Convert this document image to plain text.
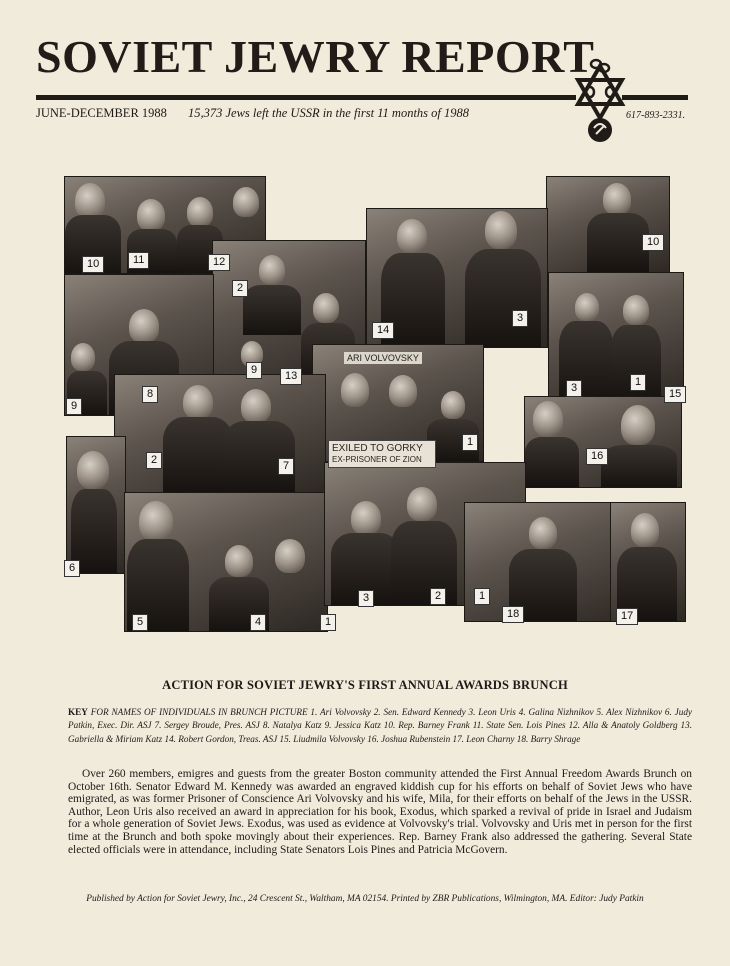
SOVIET JEWRY REPORT
JUNE-DECEMBER 1988 15,373 Jews left the USSR in the first 11 months of 1988	617-893-2331.
ARI VOLVOVSKY
EXILED TO GORKY
EX-PRISONER OF ZION
10	11	12
2
14
3
10
9
8
9	13
3	1
15
2	7
1
16
6
5	4	1
3	2	1
18	17
ACTION FOR SOVIET JEWRY'S FIRST ANNUAL AWARDS BRUNCH
KEY FOR NAMES OF INDIVIDUALS IN BRUNCH PICTURE 1. Ari Volvovsky 2. Sen. Edward Kennedy 3. Leon Uris 4. Galina Nizhnikov 5. Alex Nizhnikov 6. Judy Patkin, Exec. Dir. ASJ 7. Sergey Broude, Pres. ASJ 8. Natalya Katz 9. Jessica Katz 10. Rep. Barney Frank 11. State Sen. Lois Pines 12. Alla & Anatoly Goldberg 13. Gabriella & Miriam Katz 14. Robert Gordon, Treas. ASJ 15. Liudmila Volvovsky 16. Joshua Rubenstein 17. Leon Charny 18. Barry Shrage
Over 260 members, emigres and guests from the greater Boston community attended the First Annual Freedom Awards Brunch on October 16th. Senator Edward M. Kennedy was awarded an engraved kiddish cup for his efforts on behalf of Soviet Jews who have emigrated, as was former Prisoner of Conscience Ari Volvovsky and his wife, Mila, for their efforts on behalf of the Jews in the USSR. Author, Leon Uris also received an award in appreciation for his book, Exodus, which sparked a revival of pride in Israel and Judaism for a whole generation of Soviet Jews. Exodus, was used as evidence at Volvovsky's trial. Volvovsky and Uris met in person for the first time at the Brunch and both spoke movingly about their experiences. Rep. Barney Frank also addressed the gathering. Several State elected officials were in attendance, including State Senators Lois Pines and Patricia McGovern.
Published by Action for Soviet Jewry, Inc., 24 Crescent St., Waltham, MA 02154. Printed by ZBR Publications, Wilmington, MA. Editor: Judy Patkin
